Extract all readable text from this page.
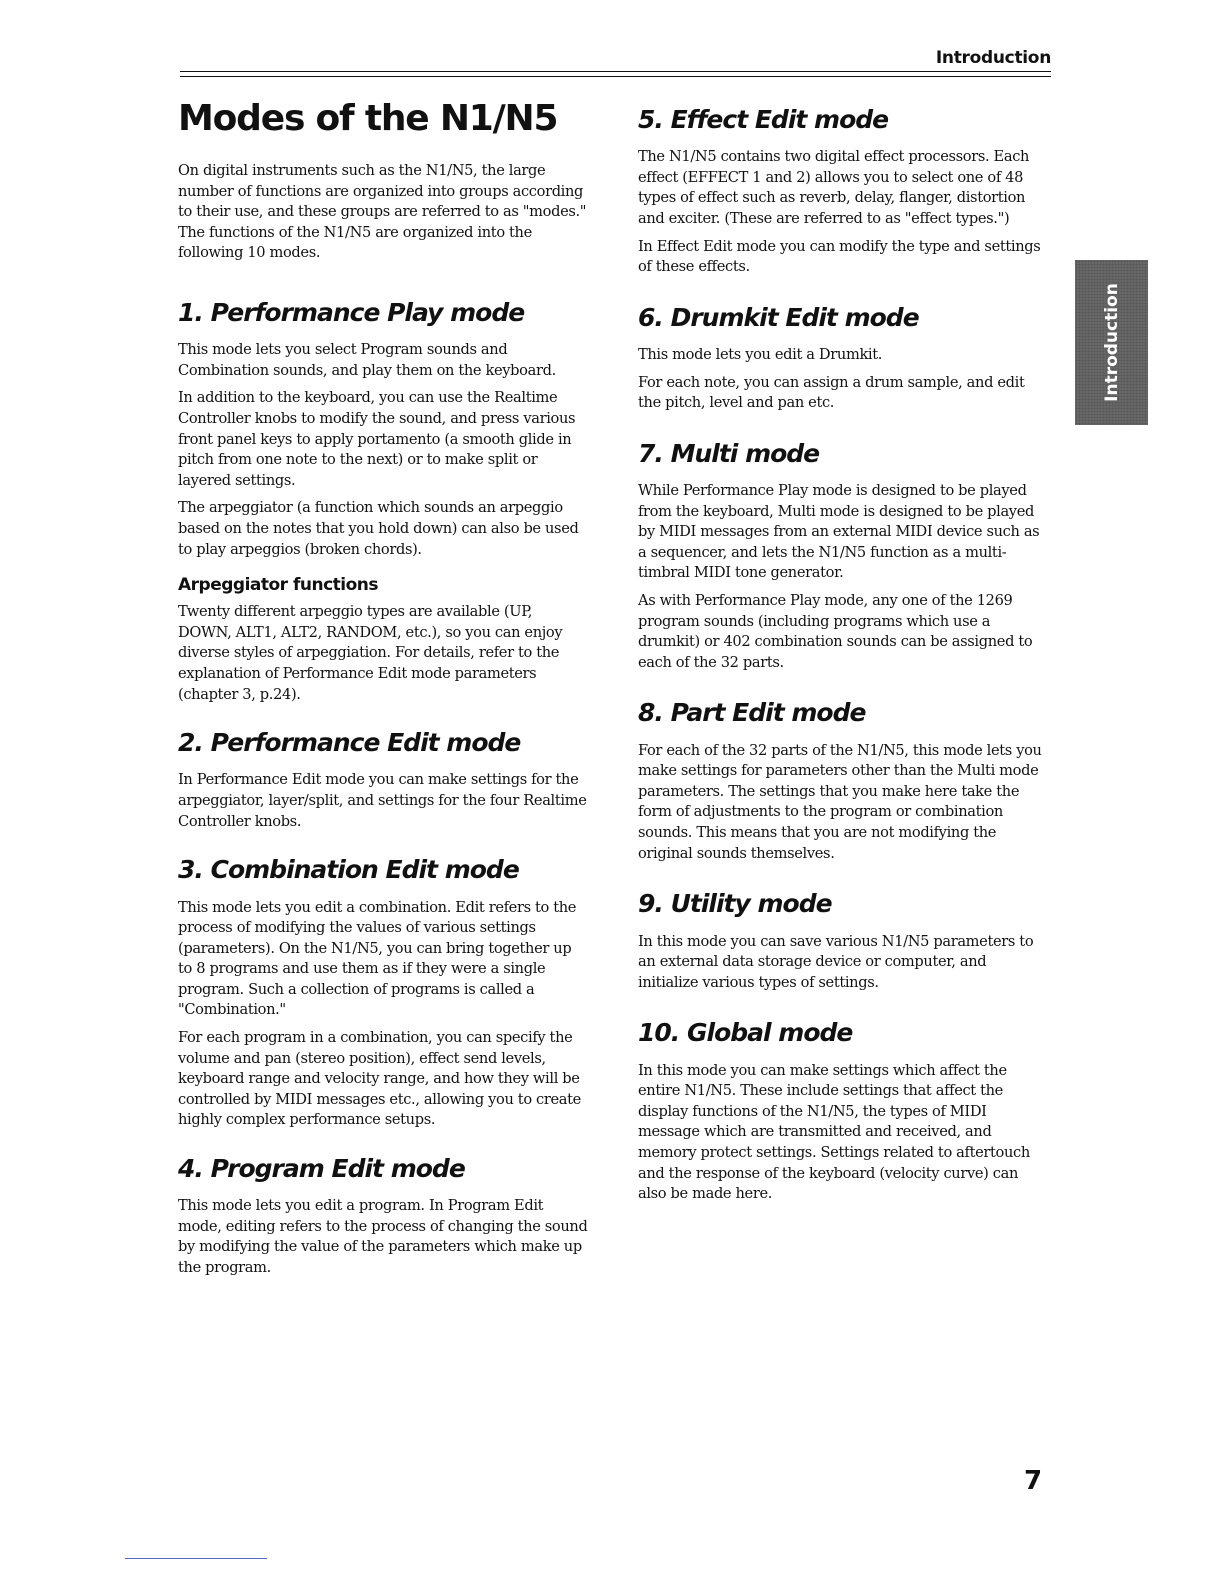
Introduction
Modes of the N1/N5

On digital instruments such as the N1/N5, the large number of functions are organized into groups according to their use, and these groups are referred to as "modes." The functions of the N1/N5 are organized into the following 10 modes.

1. Performance Play mode

This mode lets you select Program sounds and Combination sounds, and play them on the keyboard.

In addition to the keyboard, you can use the Realtime Controller knobs to modify the sound, and press various front panel keys to apply portamento (a smooth glide in pitch from one note to the next) or to make split or layered settings.

The arpeggiator (a function which sounds an arpeggio based on the notes that you hold down) can also be used to play arpeggios (broken chords).

Arpeggiator functions

Twenty different arpeggio types are available (UP, DOWN, ALT1, ALT2, RANDOM, etc.), so you can enjoy diverse styles of arpeggiation. For details, refer to the explanation of Performance Edit mode parameters (chapter 3, p.24).

2. Performance Edit mode

In Performance Edit mode you can make settings for the arpeggiator, layer/split, and settings for the four Realtime Controller knobs.

3. Combination Edit mode

This mode lets you edit a combination. Edit refers to the process of modifying the values of various settings (parameters). On the N1/N5, you can bring together up to 8 programs and use them as if they were a single program. Such a collection of programs is called a "Combination."

For each program in a combination, you can specify the volume and pan (stereo position), effect send levels, keyboard range and velocity range, and how they will be controlled by MIDI messages etc., allowing you to create highly complex performance setups.

4. Program Edit mode

This mode lets you edit a program. In Program Edit mode, editing refers to the process of changing the sound by modifying the value of the parameters which make up the program.

5. Effect Edit mode

The N1/N5 contains two digital effect processors. Each effect (EFFECT 1 and 2) allows you to select one of 48 types of effect such as reverb, delay, flanger, distortion and exciter. (These are referred to as "effect types.")

In Effect Edit mode you can modify the type and settings of these effects.

6. Drumkit Edit mode

This mode lets you edit a Drumkit.

For each note, you can assign a drum sample, and edit the pitch, level and pan etc.

7. Multi mode

While Performance Play mode is designed to be played from the keyboard, Multi mode is designed to be played by MIDI messages from an external MIDI device such as a sequencer, and lets the N1/N5 function as a multi-timbral MIDI tone generator.

As with Performance Play mode, any one of the 1269 program sounds (including programs which use a drumkit) or 402 combination sounds can be assigned to each of the 32 parts.

8. Part Edit mode

For each of the 32 parts of the N1/N5, this mode lets you make settings for parameters other than the Multi mode parameters. The settings that you make here take the form of adjustments to the program or combination sounds. This means that you are not modifying the original sounds themselves.

9. Utility mode

In this mode you can save various N1/N5 parameters to an external data storage device or computer, and initialize various types of settings.

10. Global mode

In this mode you can make settings which affect the entire N1/N5. These include settings that affect the display functions of the N1/N5, the types of MIDI message which are transmitted and received, and memory protect settings. Settings related to aftertouch and the response of the keyboard (velocity curve) can also be made here.

Introduction
7
